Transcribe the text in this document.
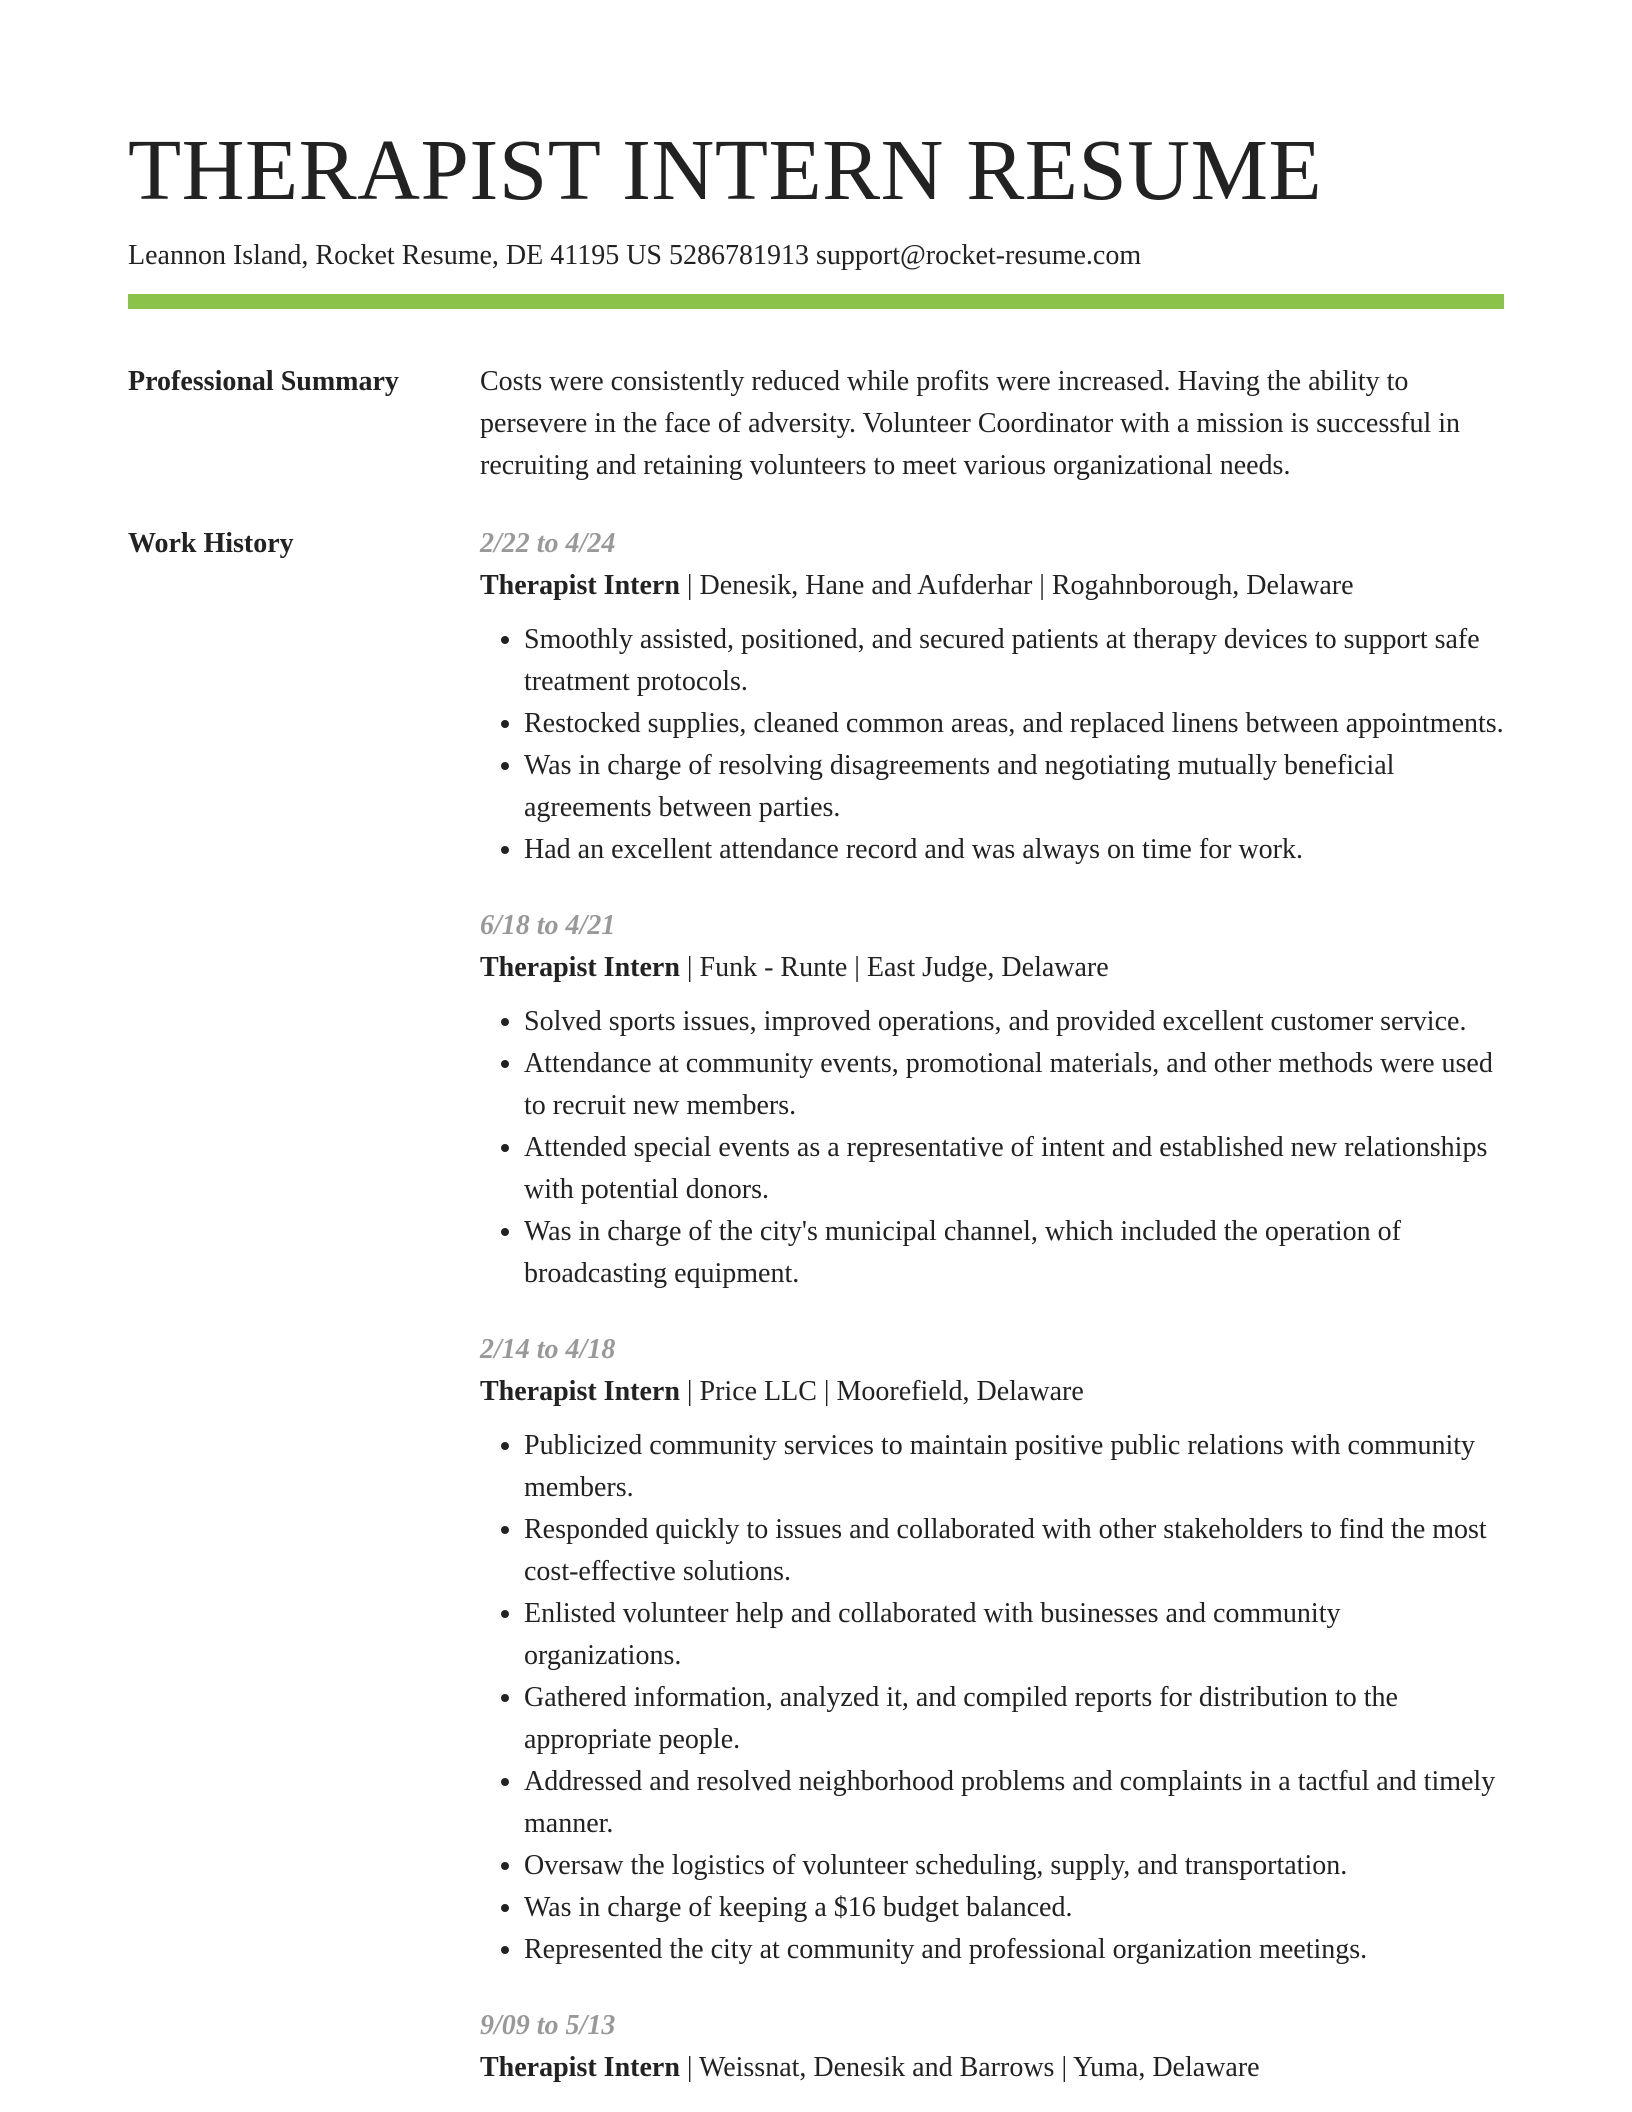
THERAPIST INTERN RESUME
Leannon Island, Rocket Resume, DE 41195 US 5286781913 support@rocket-resume.com
Professional Summary	Costs were consistently reduced while profits were increased. Having the ability to persevere in the face of adversity. Volunteer Coordinator with a mission is successful in recruiting and retaining volunteers to meet various organizational needs.

Work History	2/22 to 4/24
Therapist Intern | Denesik, Hane and Aufderhar | Rogahnborough, Delaware
• Smoothly assisted, positioned, and secured patients at therapy devices to support safe treatment protocols.
• Restocked supplies, cleaned common areas, and replaced linens between appointments.
• Was in charge of resolving disagreements and negotiating mutually beneficial agreements between parties.
• Had an excellent attendance record and was always on time for work.
6/18 to 4/21
Therapist Intern | Funk - Runte | East Judge, Delaware
• Solved sports issues, improved operations, and provided excellent customer service.
• Attendance at community events, promotional materials, and other methods were used to recruit new members.
• Attended special events as a representative of intent and established new relationships with potential donors.
• Was in charge of the city's municipal channel, which included the operation of broadcasting equipment.
2/14 to 4/18
Therapist Intern | Price LLC | Moorefield, Delaware
• Publicized community services to maintain positive public relations with community members.
• Responded quickly to issues and collaborated with other stakeholders to find the most cost-effective solutions.
• Enlisted volunteer help and collaborated with businesses and community organizations.
• Gathered information, analyzed it, and compiled reports for distribution to the appropriate people.
• Addressed and resolved neighborhood problems and complaints in a tactful and timely manner.
• Oversaw the logistics of volunteer scheduling, supply, and transportation.
• Was in charge of keeping a $16 budget balanced.
• Represented the city at community and professional organization meetings.
9/09 to 5/13
Therapist Intern | Weissnat, Denesik and Barrows | Yuma, Delaware
